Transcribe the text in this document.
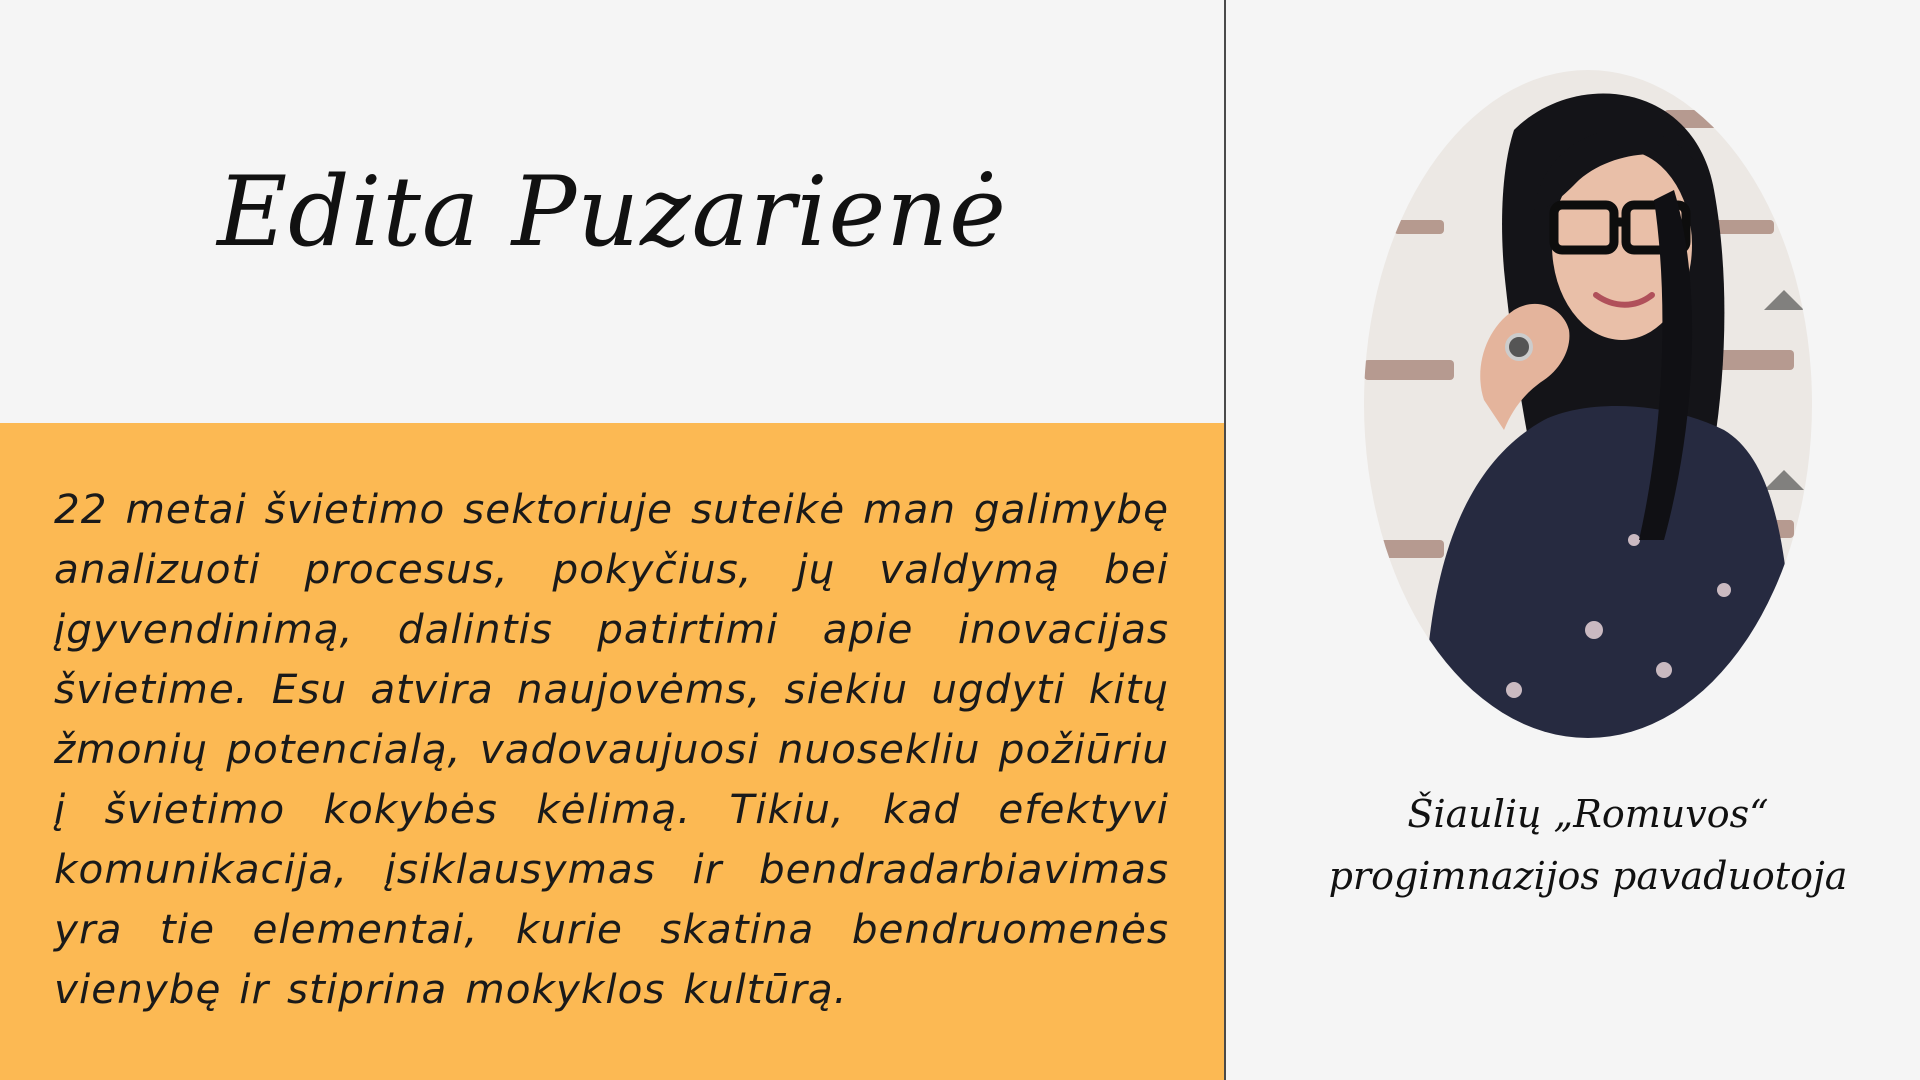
Edita Puzarienė
22 metai švietimo sektoriuje suteikė man galimybę analizuoti procesus, pokyčius, jų valdymą bei įgyvendinimą, dalintis patirtimi apie inovacijas švietime. Esu atvira naujovėms, siekiu ugdyti kitų žmonių potencialą, vadovaujuosi nuosekliu požiūriu į švietimo kokybės kėlimą. Tikiu, kad efektyvi komunikacija, įsiklausymas ir bendradarbiavimas yra tie elementai, kurie skatina bendruomenės vienybę ir stiprina mokyklos kultūrą.
Šiaulių „Romuvos“
progimnazijos pavaduotoja
